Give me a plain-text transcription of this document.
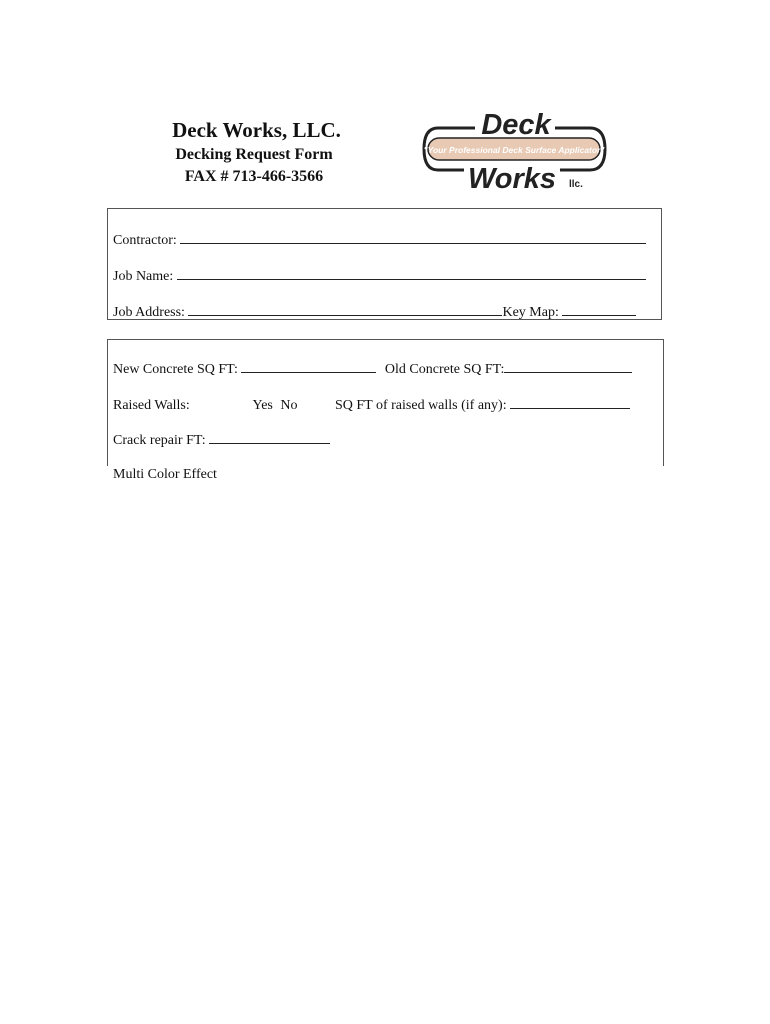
Deck Works, LLC.
Decking Request Form
FAX # 713-466-3566
"Your Professional Deck Surface Applicator"
Deck
Works llc.
Contractor:
Job Name:
Job Address:	Key Map:
New Concrete SQ FT:	Old Concrete SQ FT:
Raised Walls:	Yes No	SQ FT of raised walls (if any):
Crack repair FT:
Multi Color Effect
